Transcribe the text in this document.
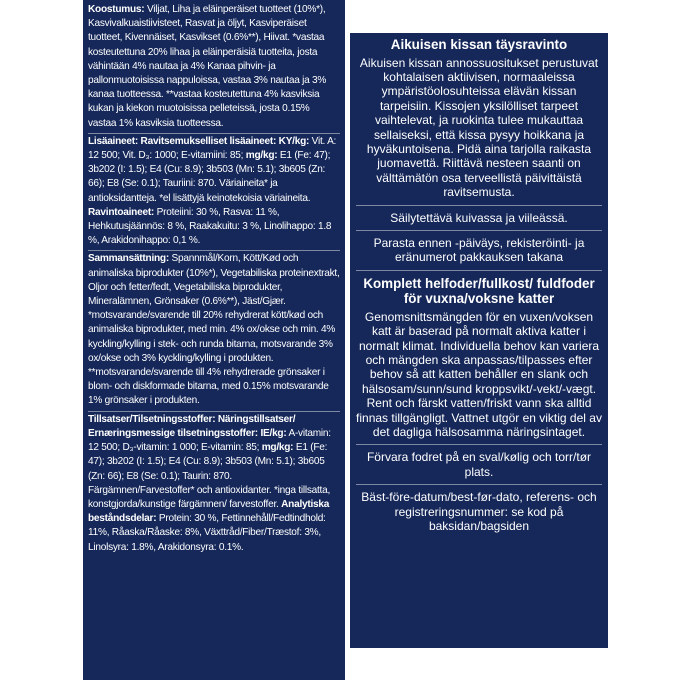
Koostumus: Viljat, Liha ja eläinperäiset tuotteet (10%*), Kasvivalkuaistiivisteet, Rasvat ja öljyt, Kasviperäiset tuotteet, Kivennäiset, Kasvikset (0.6%**), Hiivat. *vastaa kosteutettuna 20% lihaa ja eläinperäisiä tuotteita, josta vähintään 4% nautaa ja 4% Kanaa pihvin- ja pallonmuotoisissa nappuloissa, vastaa 3% nautaa ja 3% kanaa tuotteessa. **vastaa kosteutettuna 4% kasviksia kukan ja kiekon muotoisissa pelleteissä, josta 0.15% vastaa 1% kasviksia tuotteessa.
Lisäaineet: Ravitsemukselliset lisäaineet: KY/kg: Vit. A: 12 500; Vit. D₃: 1000; E-vitamiini: 85; mg/kg: E1 (Fe: 47); 3b202 (I: 1.5); E4 (Cu: 8.9); 3b503 (Mn: 5.1); 3b605 (Zn: 66); E8 (Se: 0.1); Tauriini: 870. Väriaineita* ja antioksidantteja. *el lisättyjä keinotekoisia väriaineita. Ravintoaineet: Proteiini: 30 %, Rasva: 11 %, Hehkutusjäännös: 8 %, Raakakuitu: 3 %, Linolihappo: 1.8 %, Arakidonihappo: 0,1 %.
Sammansättning: Spannmål/Korn, Kött/Kød och animaliska biprodukter (10%*), Vegetabiliska proteinextrakt, Oljor och fetter/fedt, Vegetabiliska biprodukter, Mineralämnen, Grönsaker (0.6%**), Jäst/Gjær. *motsvarande/svarende till 20% rehydrerat kött/kød och animaliska biprodukter, med min. 4% ox/okse och min. 4% kyckling/kylling i stek- och runda bitarna, motsvarande 3% ox/okse och 3% kyckling/kylling i produkten. **motsvarande/svarende till 4% rehydrerade grönsaker i blom- och diskformade bitarna, med 0.15% motsvarande 1% grönsaker i produkten.
Tillsatser/Tilsetningsstoffer: Näringstillsatser/ Ernæringsmessige tilsetningsstoffer: IE/kg: A-vitamin: 12 500; D₃-vitamin: 1 000; E-vitamin: 85; mg/kg: E1 (Fe: 47); 3b202 (I: 1.5); E4 (Cu: 8.9); 3b503 (Mn: 5.1); 3b605 (Zn: 66); E8 (Se: 0.1); Taurin: 870. Färgämnen/Farvestoffer* och antioxidanter. *inga tillsatta, konstgjorda/kunstige färgämnen/ farvestoffer. Analytiska beståndsdelar: Protein: 30 %, Fettinnehåll/Fedtindhold: 11%, Råaska/Råaske: 8%, Växttråd/Fiber/Træstof: 3%, Linolsyra: 1.8%, Arakidonsyra: 0.1%.
Aikuisen kissan täysravinto

Aikuisen kissan annossuositukset perustuvat kohtalaisen aktiivisen, normaaleissa ympäristöolosuhteissa elävän kissan tarpeisiin. Kissojen yksilölliset tarpeet vaihtelevat, ja ruokinta tulee mukauttaa sellaiseksi, että kissa pysyy hoikkana ja hyväkuntoisena. Pidä aina tarjolla raikasta juomavettä. Riittävä nesteen saanti on välttämätön osa terveellistä päivittäistä ravitsemusta.

Säilytettävä kuivassa ja viileässä.

Parasta ennen -päiväys, rekisteröinti- ja eränumerot pakkauksen takana

Komplett helfoder/fullkost/ fuldfoder för vuxna/voksne katter

Genomsnittsmängden för en vuxen/voksen katt är baserad på normalt aktiva katter i normalt klimat. Individuella behov kan variera och mängden ska anpassas/tilpasses efter behov så att katten behåller en slank och hälsosam/sunn/sund kroppsvikt/-vekt/-vægt. Rent och färskt vatten/friskt vann ska alltid finnas tillgängligt. Vattnet utgör en viktig del av det dagliga hälsosamma näringsintaget.

Förvara fodret på en sval/kølig och torr/tør plats.

Bäst-före-datum/best-før-dato, referens- och registreringsnummer: se kod på baksidan/bagsiden
